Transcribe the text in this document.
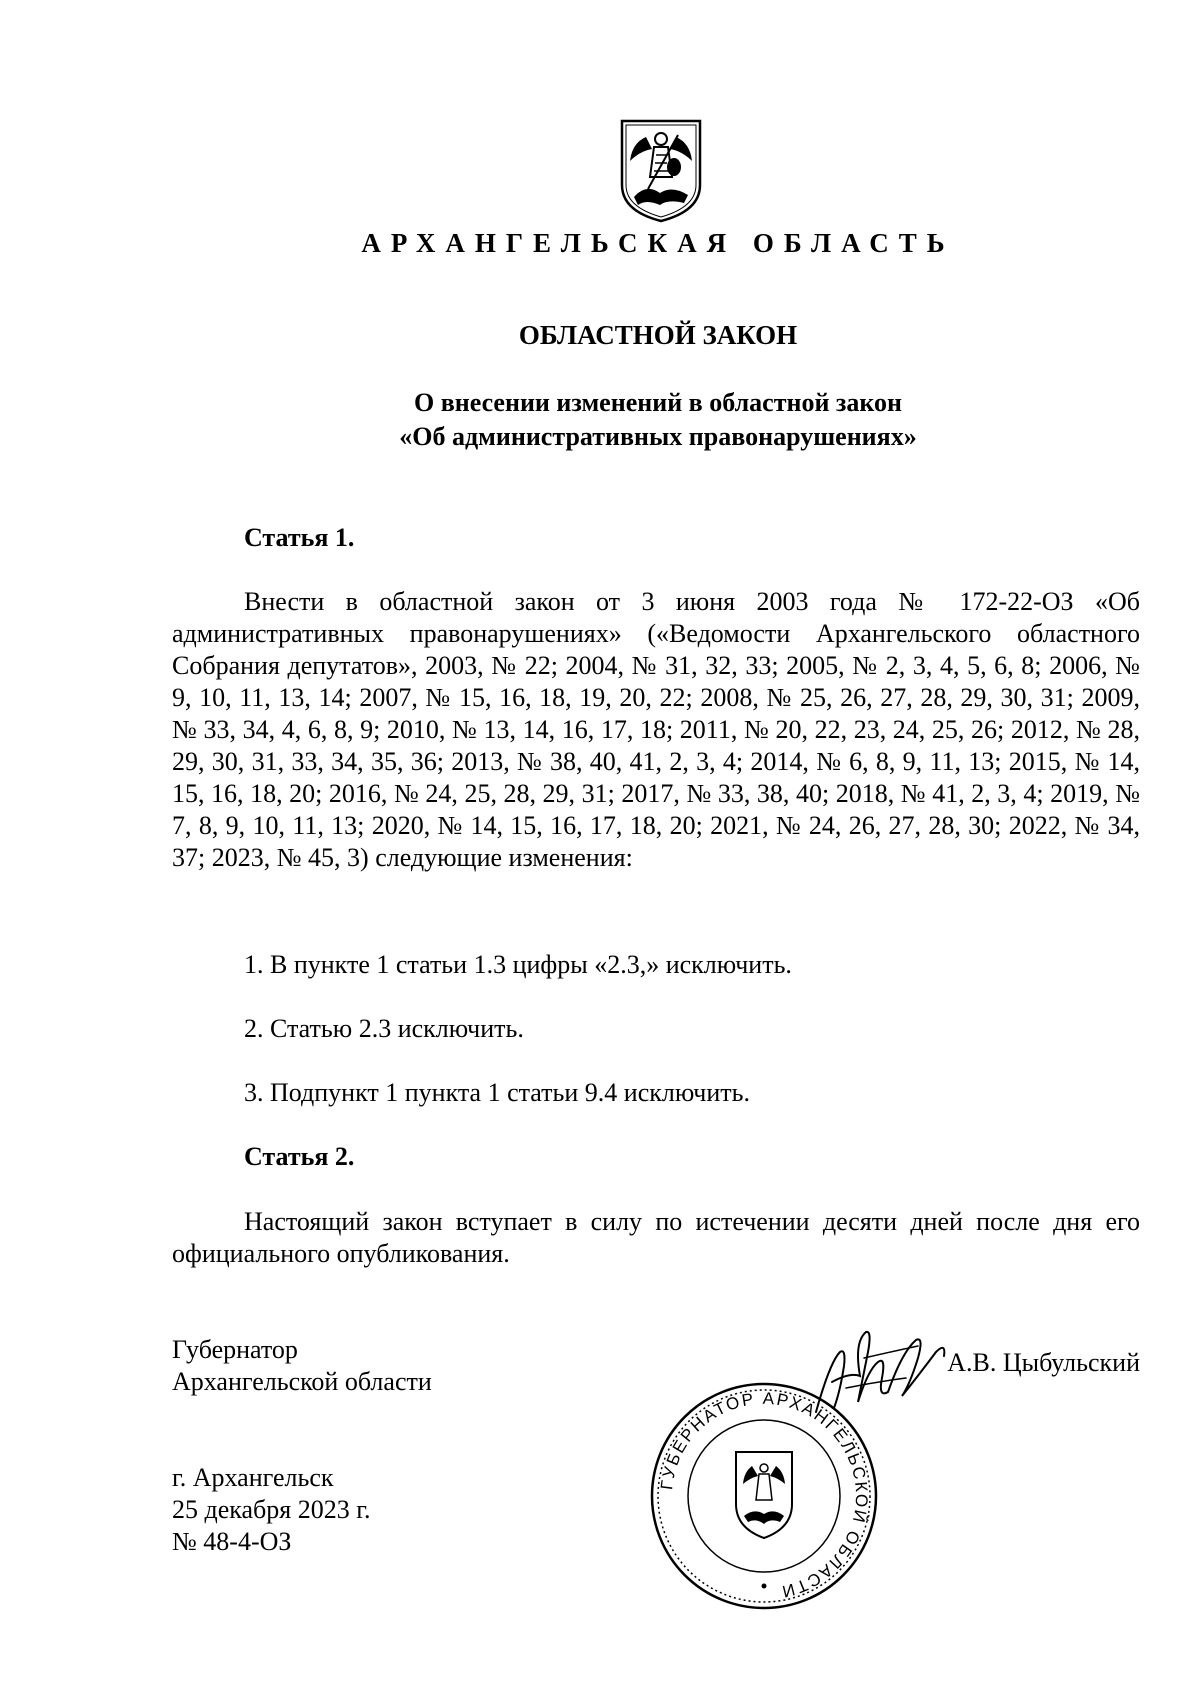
АРХАНГЕЛЬСКАЯ ОБЛАСТЬ
ОБЛАСТНОЙ ЗАКОН
О внесении изменений в областной закон
«Об административных правонарушениях»
Статья 1.
Внести в областной закон от 3 июня 2003 года № 172-22-ОЗ «Об административных правонарушениях» («Ведомости Архангельского областного Собрания депутатов», 2003, № 22; 2004, № 31, 32, 33; 2005, № 2, 3, 4, 5, 6, 8; 2006, № 9, 10, 11, 13, 14; 2007, № 15, 16, 18, 19, 20, 22; 2008, № 25, 26, 27, 28, 29, 30, 31; 2009, № 33, 34, 4, 6, 8, 9; 2010, № 13, 14, 16, 17, 18; 2011, № 20, 22, 23, 24, 25, 26; 2012, № 28, 29, 30, 31, 33, 34, 35, 36; 2013, № 38, 40, 41, 2, 3, 4; 2014, № 6, 8, 9, 11, 13; 2015, № 14, 15, 16, 18, 20; 2016, № 24, 25, 28, 29, 31; 2017, № 33, 38, 40; 2018, № 41, 2, 3, 4; 2019, № 7, 8, 9, 10, 11, 13; 2020, № 14, 15, 16, 17, 18, 20; 2021, № 24, 26, 27, 28, 30; 2022, № 34, 37; 2023, № 45, 3) следующие изменения:
1. В пункте 1 статьи 1.3 цифры «2.3,» исключить.
2. Статью 2.3 исключить.
3. Подпункт 1 пункта 1 статьи 9.4 исключить.
Статья 2.
Настоящий закон вступает в силу по истечении десяти дней после дня его официального опубликования.
Губернатор
Архангельской области
А.В. Цыбульский
ГУБЕРНАТОР АРХАНГЕЛЬСКОЙ ОБЛАСТИ
г. Архангельск
25 декабря 2023 г.
№ 48-4-ОЗ
